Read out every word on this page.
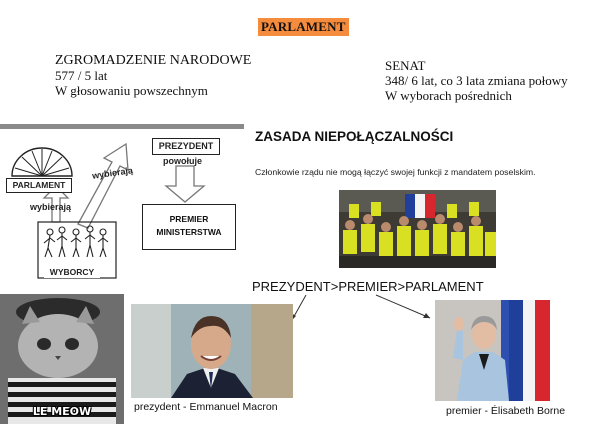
PARLAMENT
ZGROMADZENIE NARODOWE
577 / 5 lat
W głosowaniu powszechnym
SENAT
348/ 6 lat, co 3 lata zmiana połowy
W wyborach pośrednich
PREZYDENT
powołuje
PARLAMENT
wybierają
wybierają
PREMIER
MINISTERSTWA
WYBORCY
ZASADA NIEPOŁĄCZALNOŚCI
Członkowie rządu nie mogą łączyć swojej funkcji z mandatem poselskim.
PREZYDENT>PREMIER>PARLAMENT
LE MEOW	prezydent - Emmanuel Macron	premier - Élisabeth Borne
